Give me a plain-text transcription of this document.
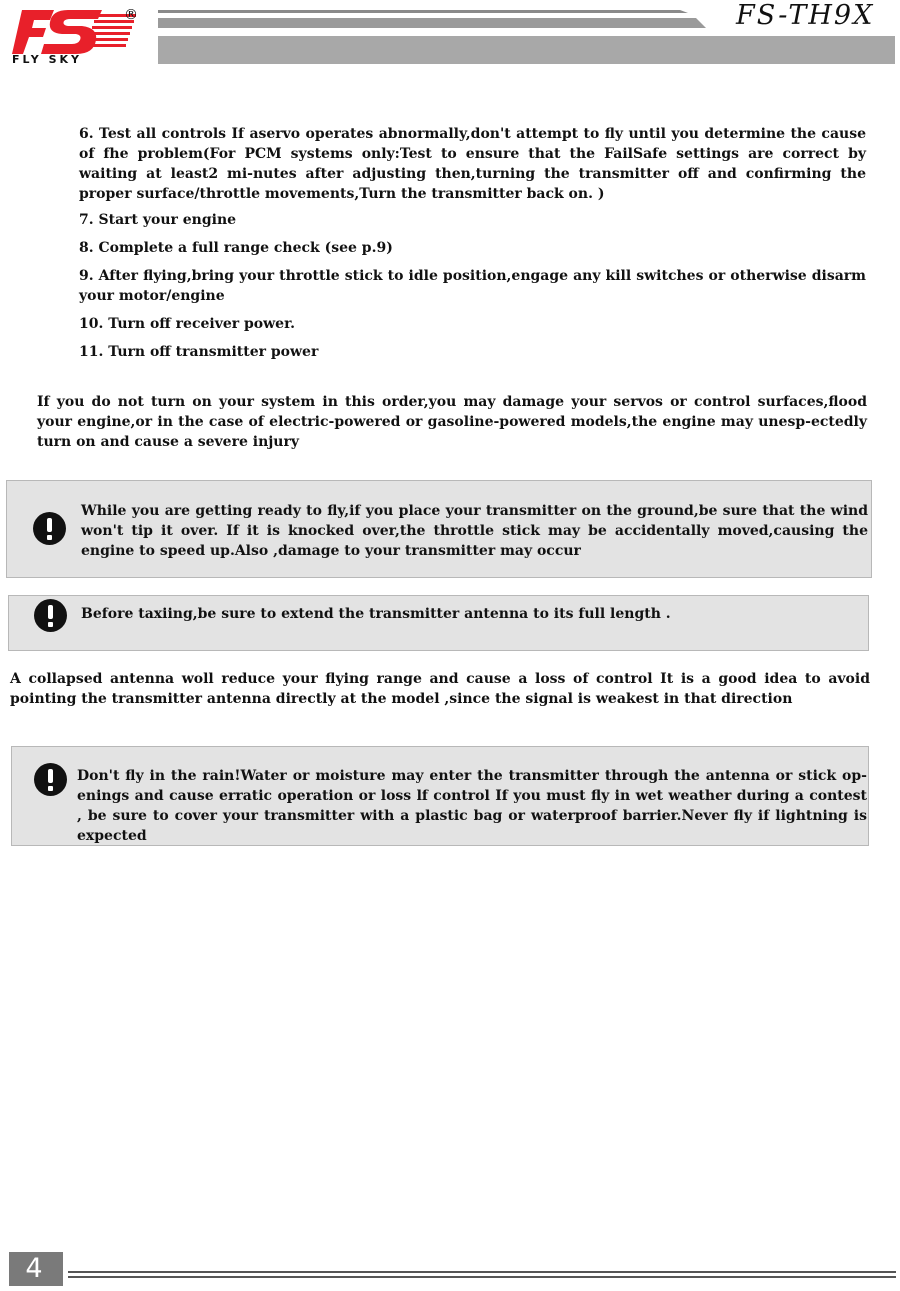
®
FLY SKY
FS-TH9X

6. Test all controls If aservo operates abnormally,don't attempt to fly until you determine the cause of fhe problem(For PCM systems only:Test to ensure that the FailSafe settings are correct by waiting at least2 mi-nutes after adjusting then,turning the transmitter off and confirming the proper surface/throttle movements,Turn the transmitter back on. )

7. Start your engine

8. Complete a full range check (see p.9)

9. After flying,bring your throttle stick to idle position,engage any kill switches or otherwise disarm your motor/engine

10. Turn off receiver power.

11. Turn off transmitter power

If you do not turn on your system in this order,you may damage your servos or control surfaces,flood your engine,or in the case of electric-powered or gasoline-powered models,the engine may unesp-ectedly turn on and cause a severe injury

While you are getting ready to fly,if you place your transmitter on the ground,be sure that the wind won't tip it over. If it is knocked over,the throttle stick may be accidentally moved,causing the engine to speed up.Also ,damage to your transmitter may occur

Before taxiing,be sure to extend the transmitter antenna to its full length .

A collapsed antenna woll reduce your flying range and cause a loss of control It is a good idea to avoid pointing the transmitter antenna directly at the model ,since the signal is weakest in that direction

Don't fly in the rain!Water or moisture may enter the transmitter through the antenna or stick op-enings and cause erratic operation or loss lf control If you must fly in wet weather during a contest , be sure to cover your transmitter with a plastic bag or waterproof barrier.Never fly if lightning is expected

4
